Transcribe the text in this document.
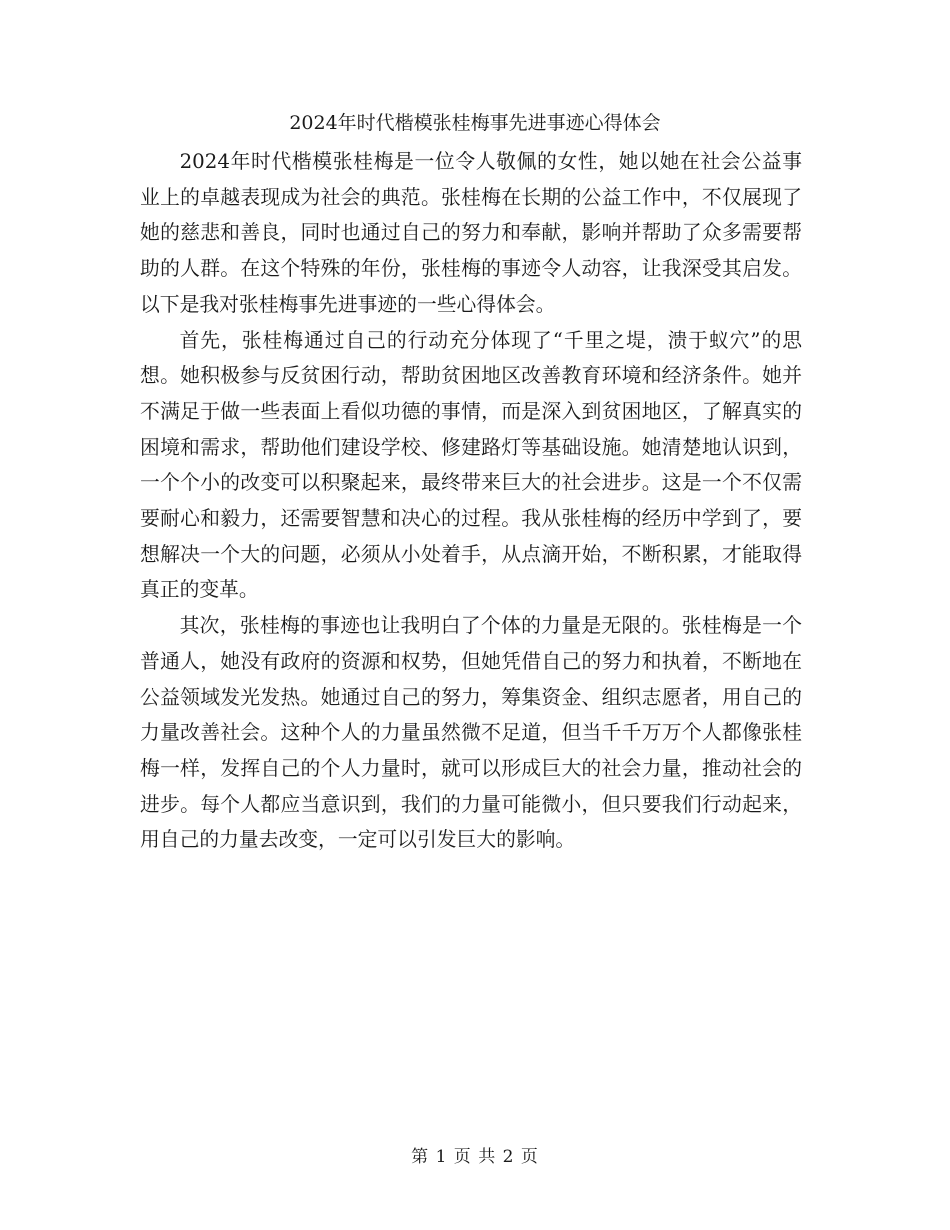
2024年时代楷模张桂梅事先进事迹心得体会

2024年时代楷模张桂梅是一位令人敬佩的女性，她以她在社会公益事业上的卓越表现成为社会的典范。张桂梅在长期的公益工作中，不仅展现了她的慈悲和善良，同时也通过自己的努力和奉献，影响并帮助了众多需要帮助的人群。在这个特殊的年份，张桂梅的事迹令人动容，让我深受其启发。以下是我对张桂梅事先进事迹的一些心得体会。

首先，张桂梅通过自己的行动充分体现了“千里之堤，溃于蚁穴”的思想。她积极参与反贫困行动，帮助贫困地区改善教育环境和经济条件。她并不满足于做一些表面上看似功德的事情，而是深入到贫困地区，了解真实的困境和需求，帮助他们建设学校、修建路灯等基础设施。她清楚地认识到，一个个小的改变可以积聚起来，最终带来巨大的社会进步。这是一个不仅需要耐心和毅力，还需要智慧和决心的过程。我从张桂梅的经历中学到了，要想解决一个大的问题，必须从小处着手，从点滴开始，不断积累，才能取得真正的变革。

其次，张桂梅的事迹也让我明白了个体的力量是无限的。张桂梅是一个普通人，她没有政府的资源和权势，但她凭借自己的努力和执着，不断地在公益领域发光发热。她通过自己的努力，筹集资金、组织志愿者，用自己的力量改善社会。这种个人的力量虽然微不足道，但当千千万万个人都像张桂梅一样，发挥自己的个人力量时，就可以形成巨大的社会力量，推动社会的进步。每个人都应当意识到，我们的力量可能微小，但只要我们行动起来，用自己的力量去改变，一定可以引发巨大的影响。

第 1 页 共 2 页
